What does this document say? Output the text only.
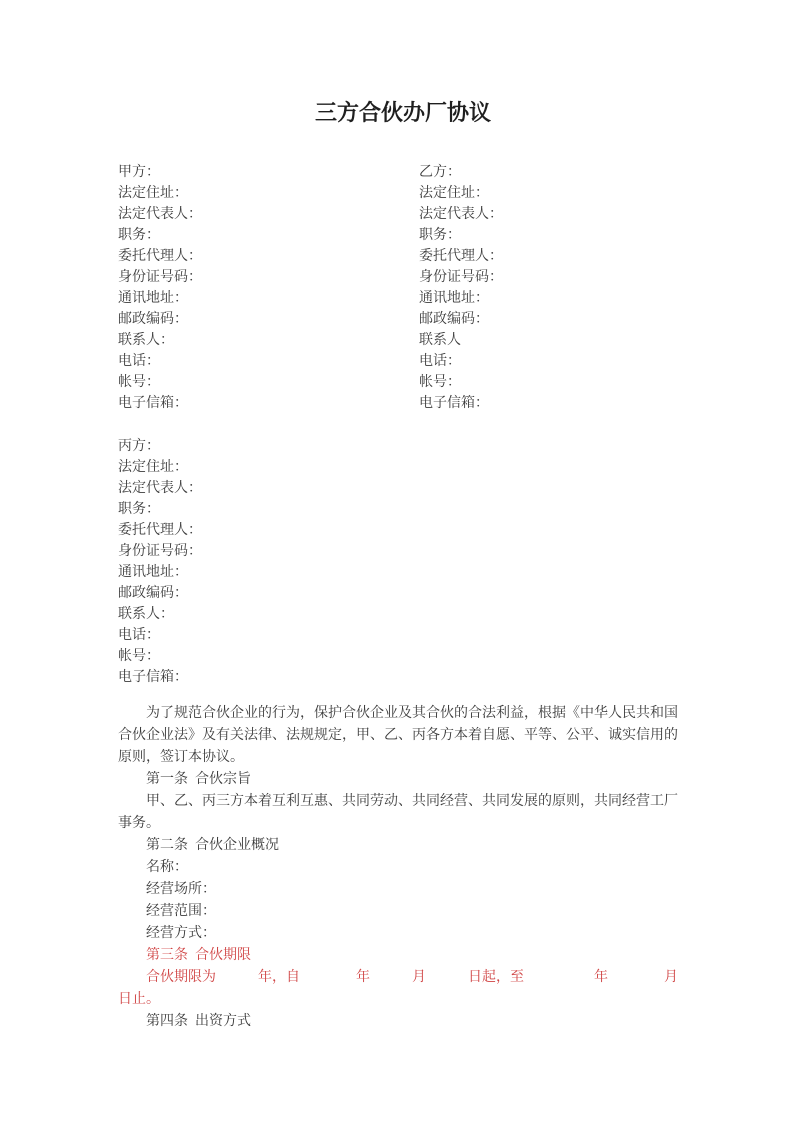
三方合伙办厂协议
甲方：
法定住址：
法定代表人：
职务：
委托代理人：
身份证号码：
通讯地址：
邮政编码：
联系人：
电话：
帐号：
电子信箱：
乙方：
法定住址：
法定代表人：
职务：
委托代理人：
身份证号码：
通讯地址：
邮政编码：
联系人
电话：
帐号：
电子信箱：
丙方：
法定住址：
法定代表人：
职务：
委托代理人：
身份证号码：
通讯地址：
邮政编码：
联系人：
电话：
帐号：
电子信箱：
为了规范合伙企业的行为，保护合伙企业及其合伙的合法利益，根据《中华人民共和国
合伙企业法》及有关法律、法规规定，甲、乙、丙各方本着自愿、平等、公平、诚实信用的
原则，签订本协议。
第一条  合伙宗旨
甲、乙、丙三方本着互利互惠、共同劳动、共同经营、共同发展的原则，共同经营工厂
事务。
第二条  合伙企业概况
名称：
经营场所：
经营范围：
经营方式：
第三条  合伙期限
合伙期限为　　　年，自　　　　年　　　月　　　日起，至　　　　　年　　　　月
日止。
第四条  出资方式
